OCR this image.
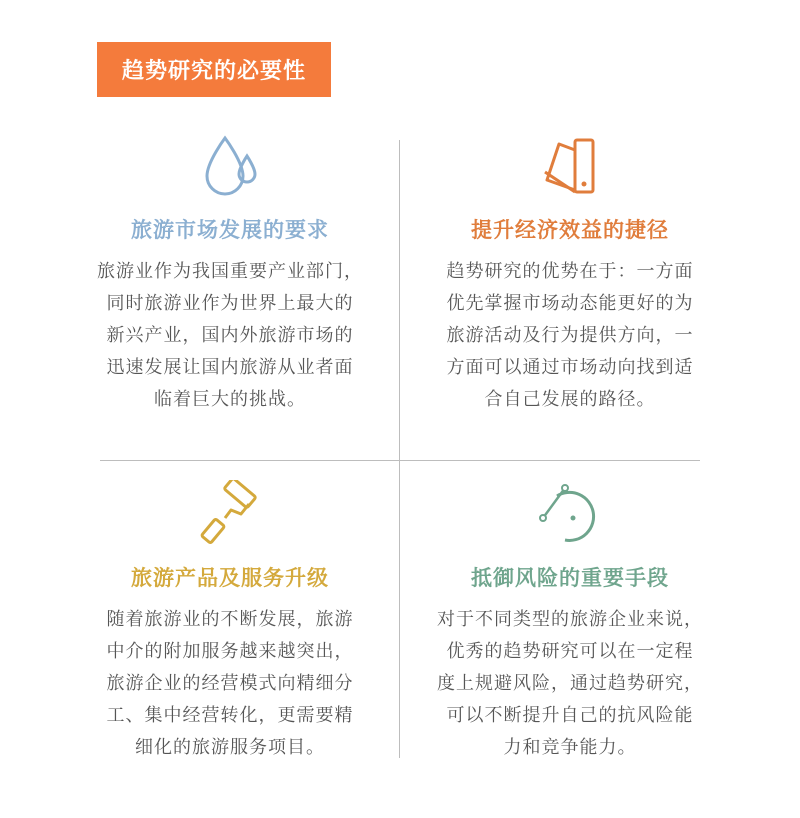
趋势研究的必要性
旅游市场发展的要求
旅游业作为我国重要产业部门，
同时旅游业作为世界上最大的
新兴产业，国内外旅游市场的
迅速发展让国内旅游从业者面
临着巨大的挑战。
提升经济效益的捷径
趋势研究的优势在于：一方面
优先掌握市场动态能更好的为
旅游活动及行为提供方向，一
方面可以通过市场动向找到适
合自己发展的路径。
旅游产品及服务升级
随着旅游业的不断发展，旅游
中介的附加服务越来越突出，
旅游企业的经营模式向精细分
工、集中经营转化，更需要精
细化的旅游服务项目。
抵御风险的重要手段
对于不同类型的旅游企业来说，
优秀的趋势研究可以在一定程
度上规避风险，通过趋势研究，
可以不断提升自己的抗风险能
力和竞争能力。
